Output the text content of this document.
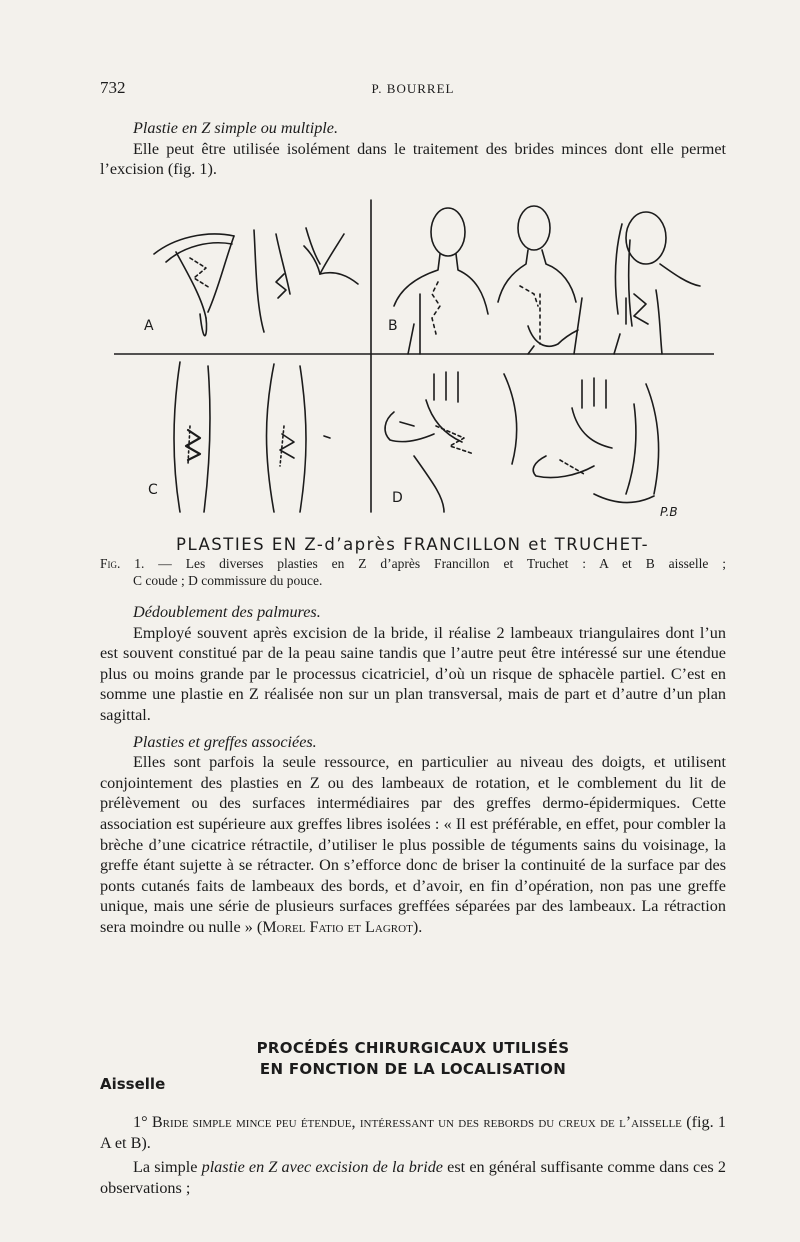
732	P. BOURREL

Plastie en Z simple ou multiple.

Elle peut être utilisée isolément dans le traitement des brides minces dont elle permet l’excision (fig. 1).

A	B
C	D
P.B
PLASTIES EN Z-d’après FRANCILLON et TRUCHET-
Fig. 1. — Les diverses plasties en Z d’après Francillon et Truchet : A et B aisselle ;
C coude ; D commissure du pouce.

Dédoublement des palmures.

Employé souvent après excision de la bride, il réalise 2 lambeaux triangulaires dont l’un est souvent constitué par de la peau saine tandis que l’autre peut être intéressé sur une étendue plus ou moins grande par le processus cicatriciel, d’où un risque de sphacèle partiel. C’est en somme une plastie en Z réalisée non sur un plan transversal, mais de part et d’autre d’un plan sagittal.

Plasties et greffes associées.

Elles sont parfois la seule ressource, en particulier au niveau des doigts, et utilisent conjointement des plasties en Z ou des lambeaux de rotation, et le comblement du lit de prélèvement ou des surfaces intermédiaires par des greffes dermo-épidermiques. Cette association est supérieure aux greffes libres isolées : « Il est préférable, en effet, pour combler la brèche d’une cicatrice rétractile, d’utiliser le plus possible de téguments sains du voisinage, la greffe étant sujette à se rétracter. On s’efforce donc de briser la continuité de la surface par des ponts cutanés faits de lambeaux des bords, et d’avoir, en fin d’opération, non pas une greffe unique, mais une série de plusieurs surfaces greffées séparées par des lambeaux. La rétraction sera moindre ou nulle » (Morel Fatio et Lagrot).

PROCÉDÉS CHIRURGICAUX UTILISÉS
EN FONCTION DE LA LOCALISATION
Aisselle

1° Bride simple mince peu étendue, intéressant un des rebords du creux de l’aisselle (fig. 1 A et B).

La simple plastie en Z avec excision de la bride est en général suffisante comme dans ces 2 observations ;
